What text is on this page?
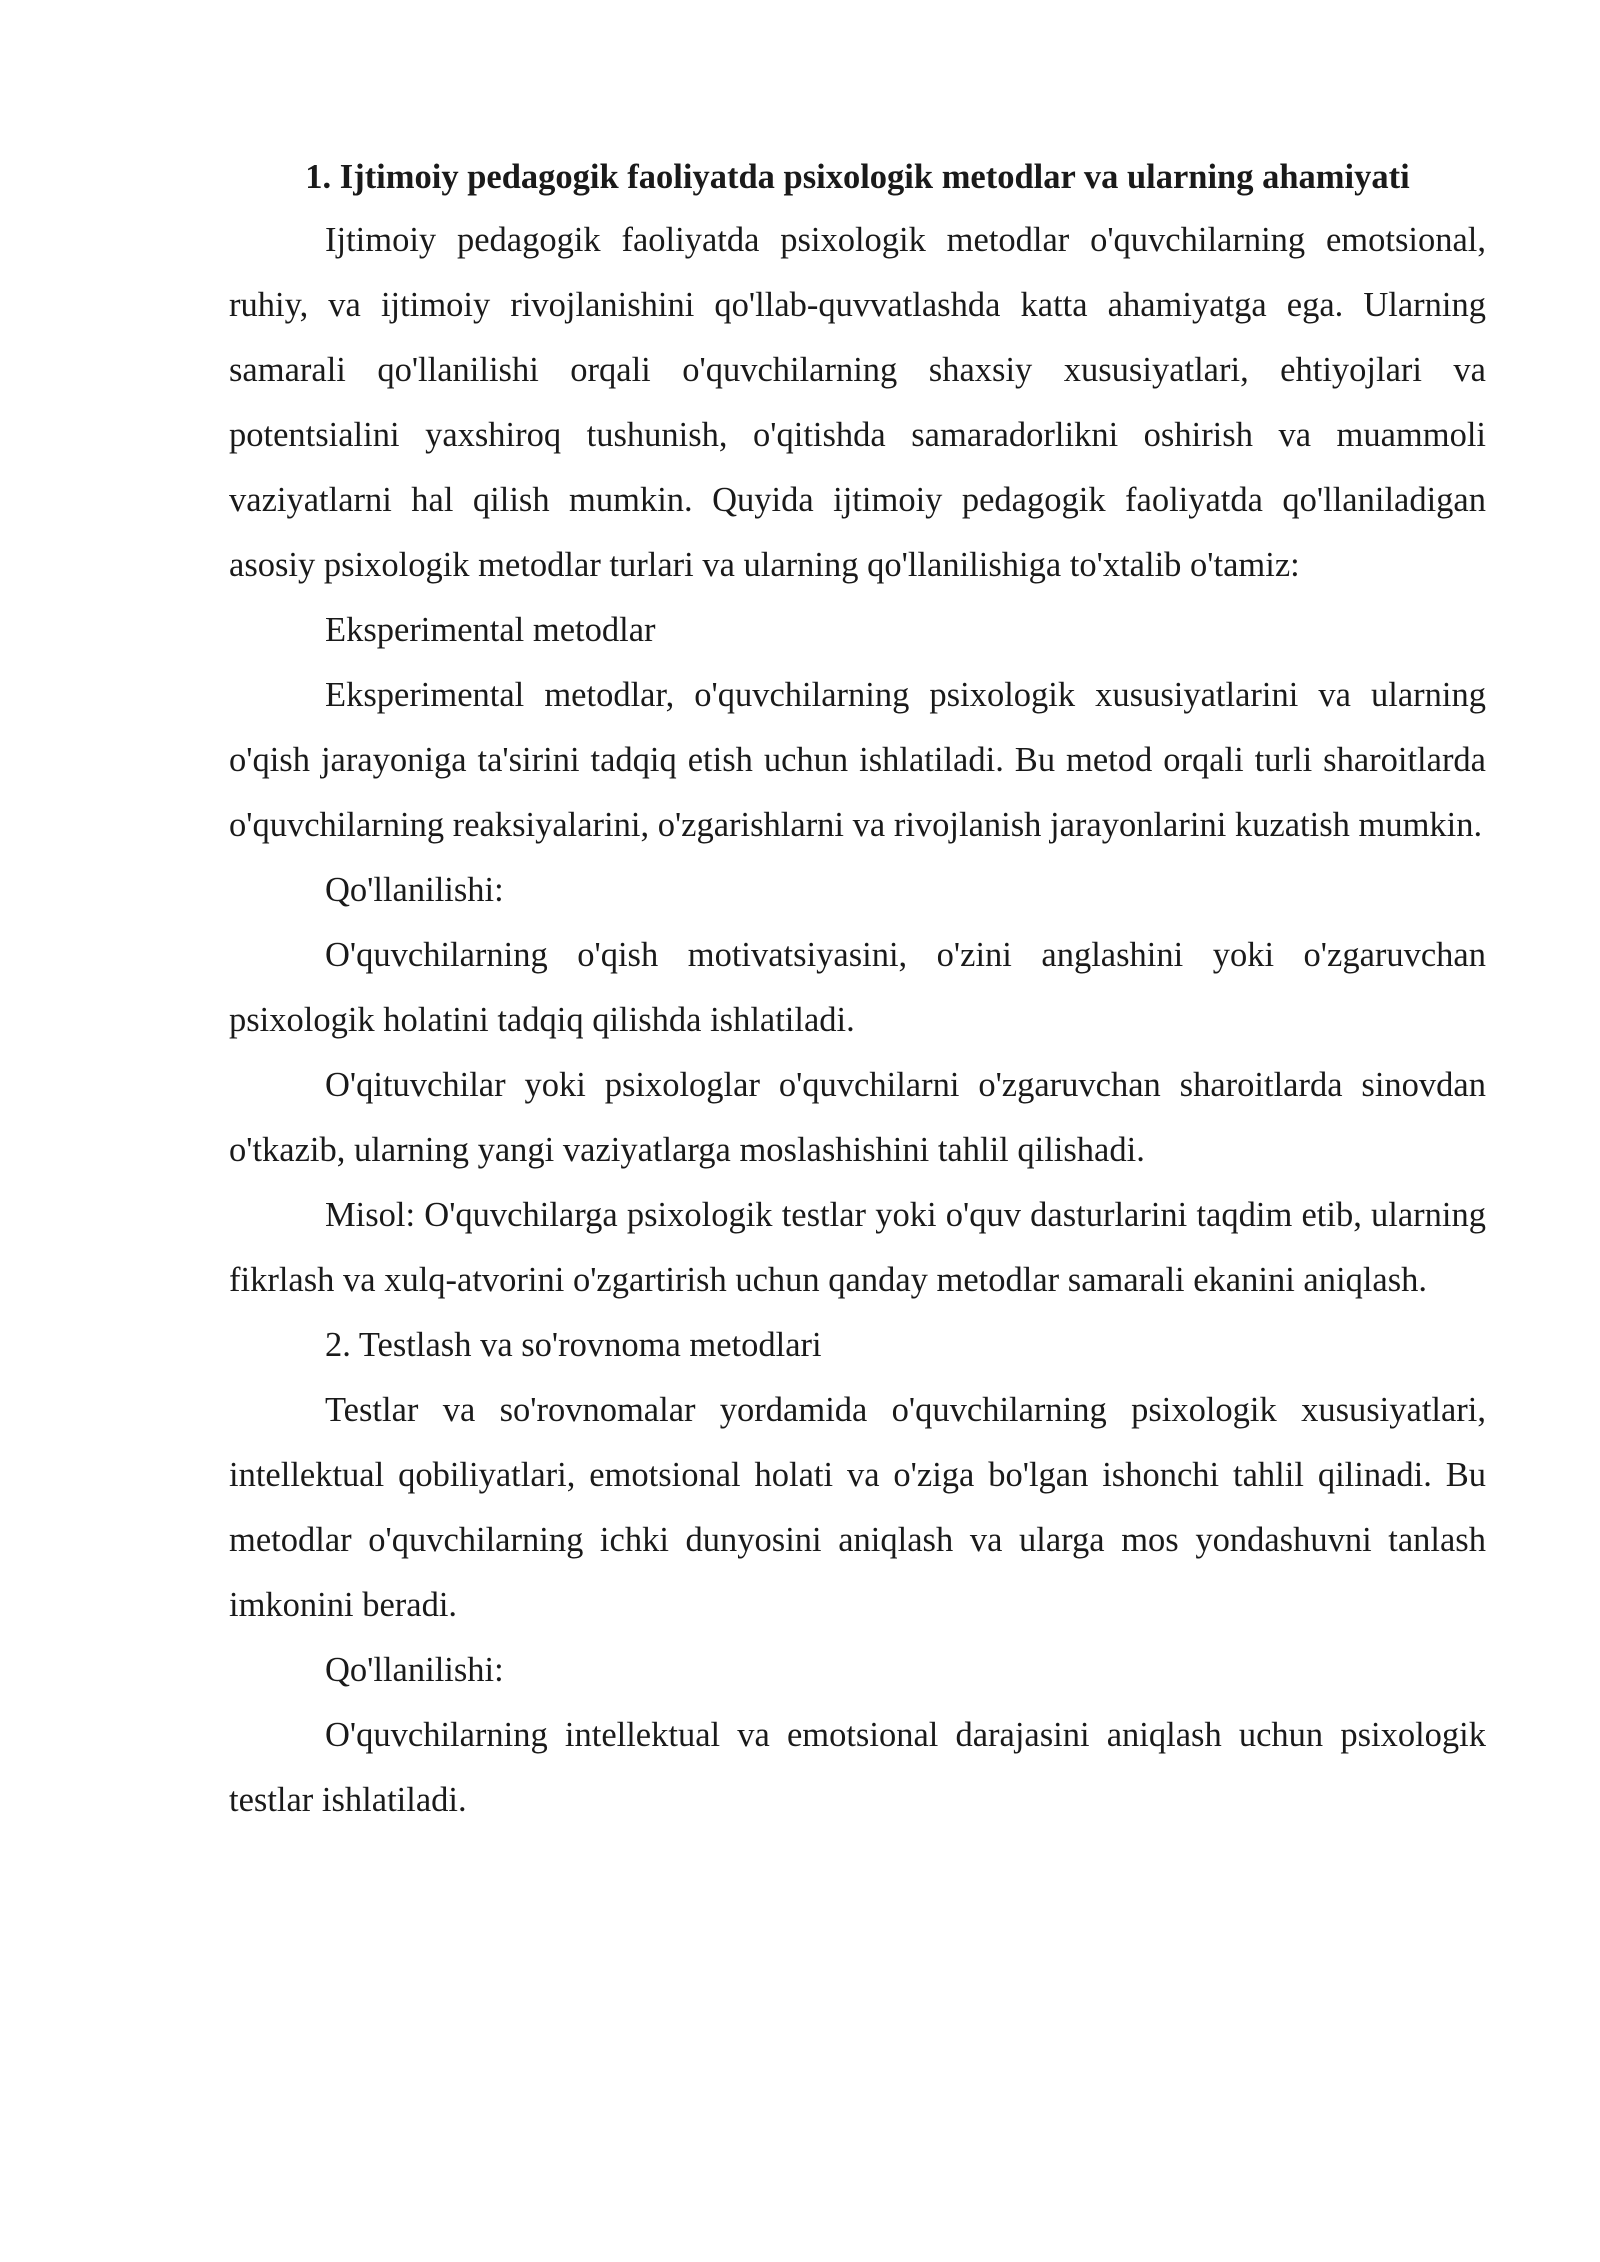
1. Ijtimoiy pedagogik faoliyatda psixologik metodlar va ularning ahamiyati

Ijtimoiy pedagogik faoliyatda psixologik metodlar o'quvchilarning emotsional, ruhiy, va ijtimoiy rivojlanishini qo'llab-quvvatlashda katta ahamiyatga ega. Ularning samarali qo'llanilishi orqali o'quvchilarning shaxsiy xususiyatlari, ehtiyojlari va potentsialini yaxshiroq tushunish, o'qitishda samaradorlikni oshirish va muammoli vaziyatlarni hal qilish mumkin. Quyida ijtimoiy pedagogik faoliyatda qo'llaniladigan asosiy psixologik metodlar turlari va ularning qo'llanilishiga to'xtalib o'tamiz:

Eksperimental metodlar

Eksperimental metodlar, o'quvchilarning psixologik xususiyatlarini va ularning o'qish jarayoniga ta'sirini tadqiq etish uchun ishlatiladi. Bu metod orqali turli sharoitlarda o'quvchilarning reaksiyalarini, o'zgarishlarni va rivojlanish jarayonlarini kuzatish mumkin.

Qo'llanilishi:

O'quvchilarning o'qish motivatsiyasini, o'zini anglashini yoki o'zgaruvchan psixologik holatini tadqiq qilishda ishlatiladi.

O'qituvchilar yoki psixologlar o'quvchilarni o'zgaruvchan sharoitlarda sinovdan o'tkazib, ularning yangi vaziyatlarga moslashishini tahlil qilishadi.

Misol: O'quvchilarga psixologik testlar yoki o'quv dasturlarini taqdim etib, ularning fikrlash va xulq-atvorini o'zgartirish uchun qanday metodlar samarali ekanini aniqlash.

2. Testlash va so'rovnoma metodlari

Testlar va so'rovnomalar yordamida o'quvchilarning psixologik xususiyatlari, intellektual qobiliyatlari, emotsional holati va o'ziga bo'lgan ishonchi tahlil qilinadi. Bu metodlar o'quvchilarning ichki dunyosini aniqlash va ularga mos yondashuvni tanlash imkonini beradi.

Qo'llanilishi:

O'quvchilarning intellektual va emotsional darajasini aniqlash uchun psixologik testlar ishlatiladi.
